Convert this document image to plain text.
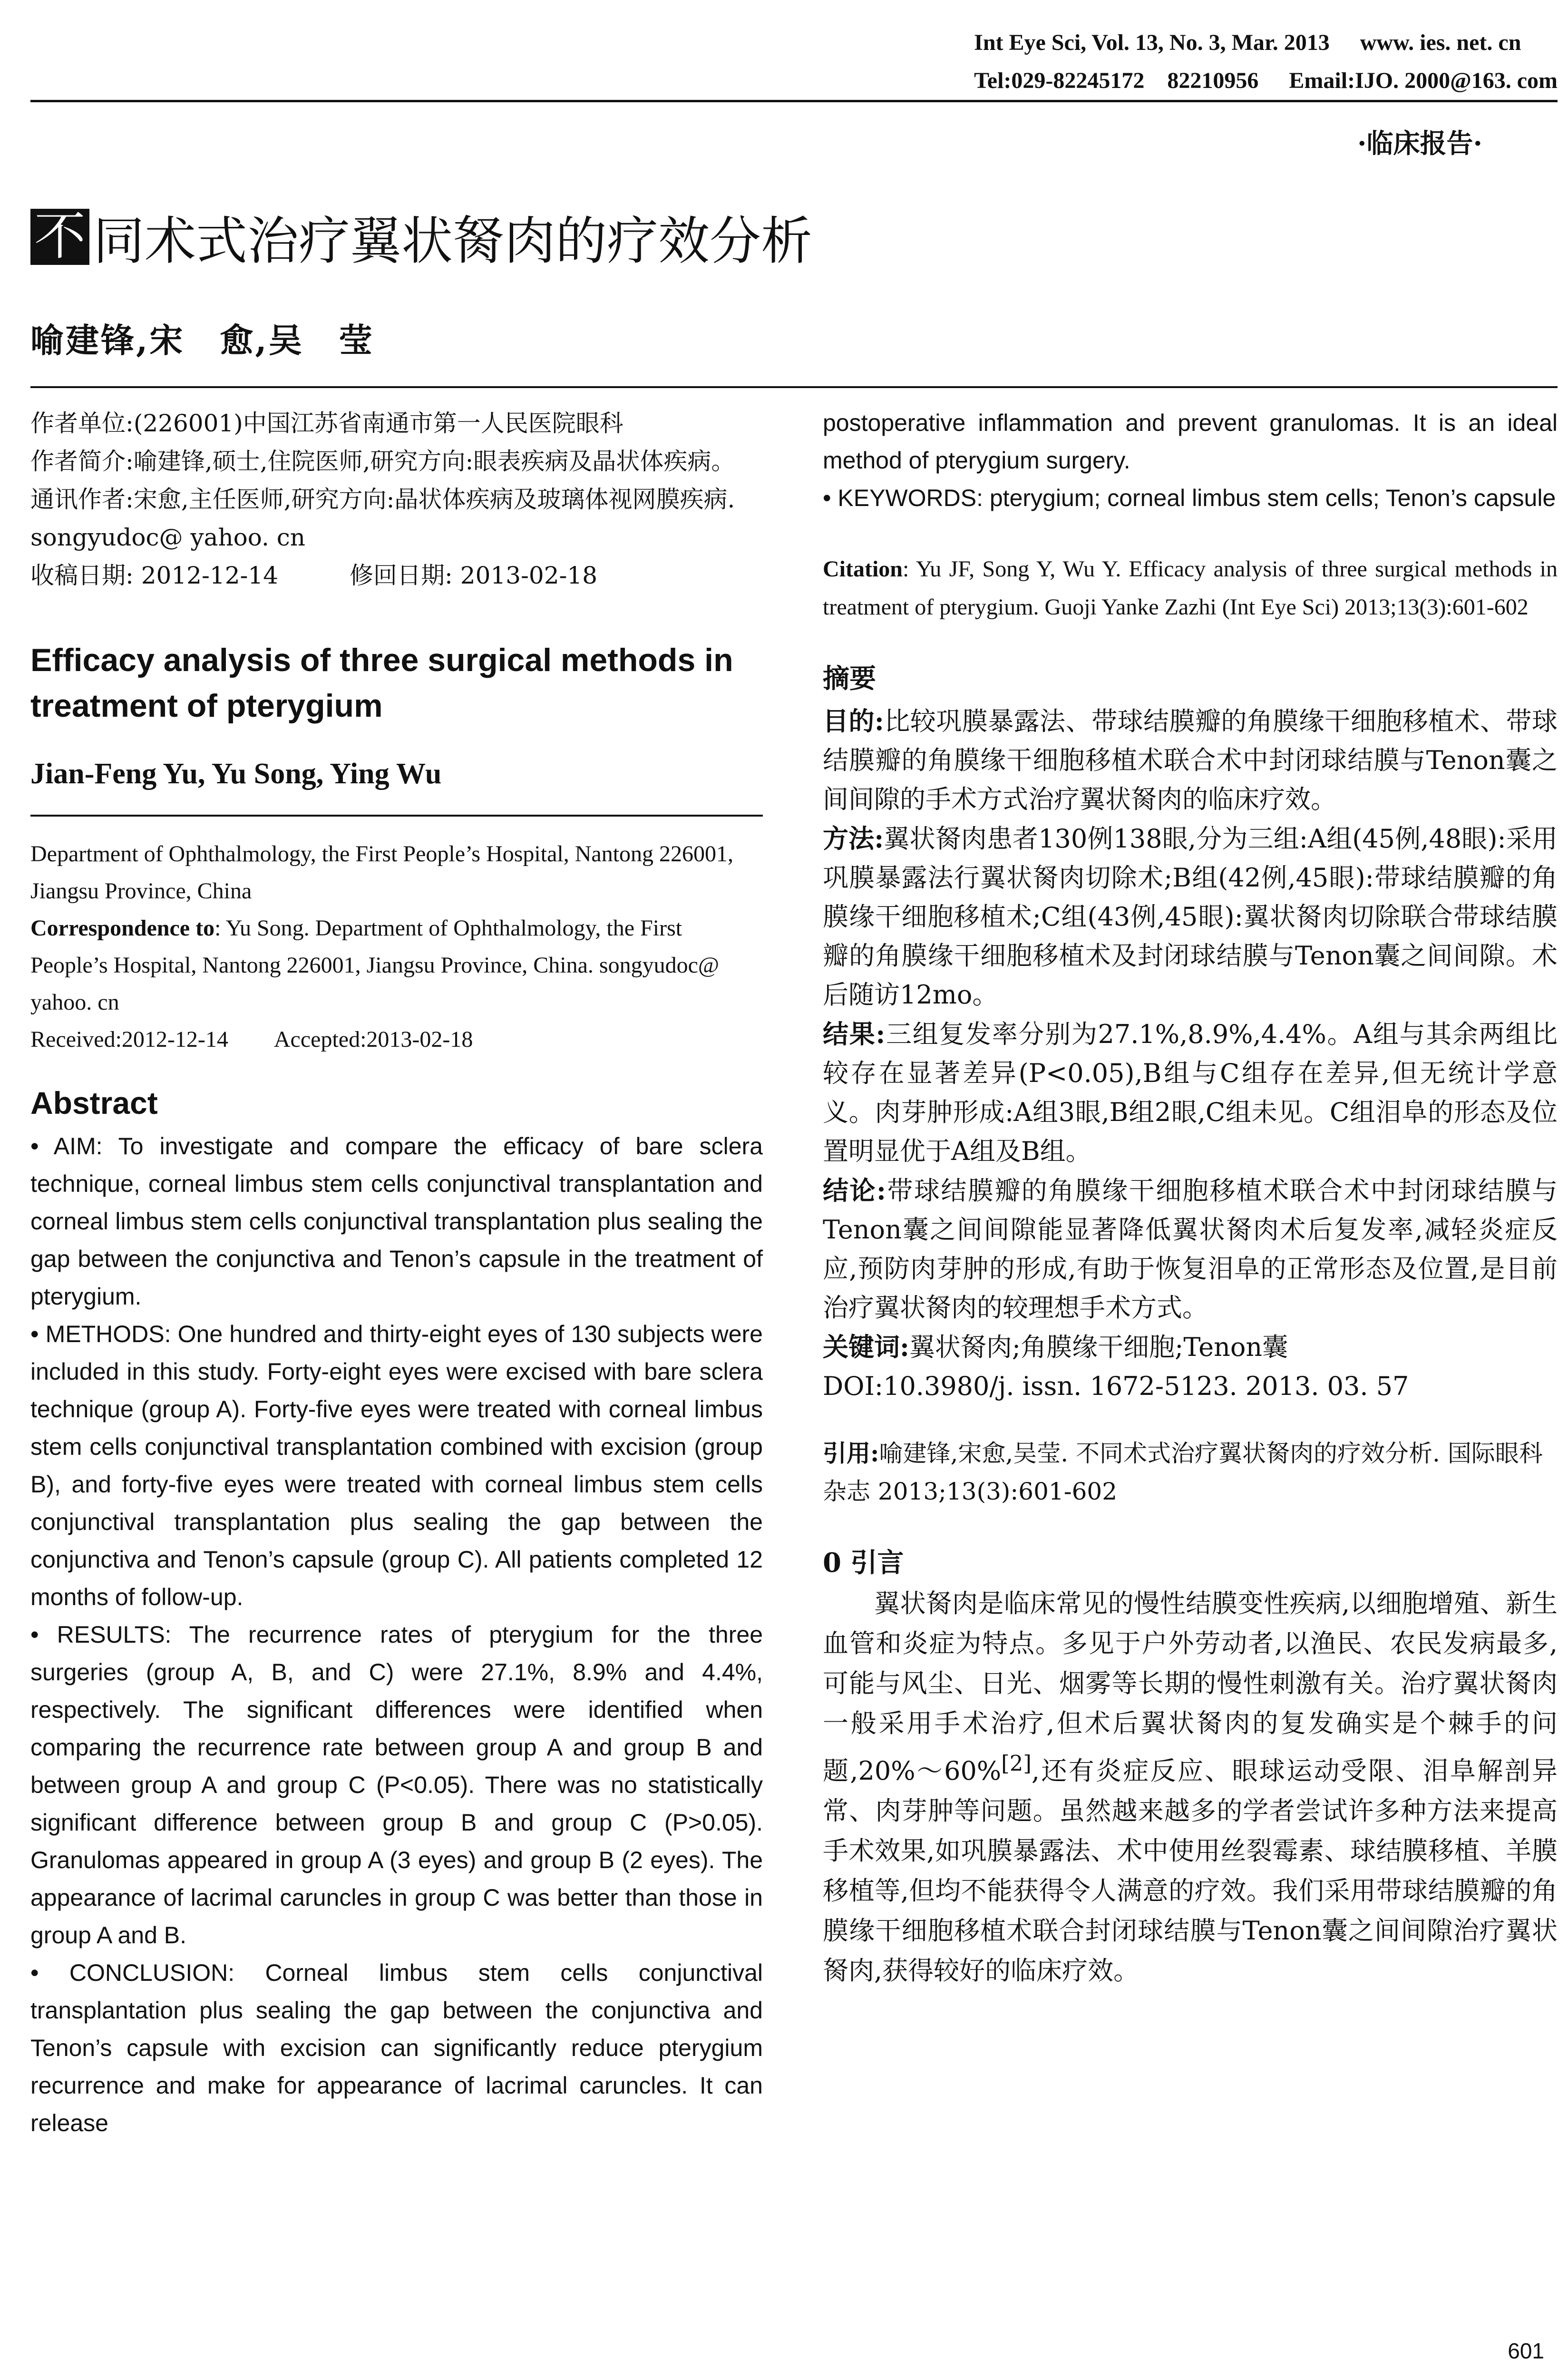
Int Eye Sci, Vol. 13, No. 3, Mar. 2013 www. ies. net. cn
Tel:029-82245172　82210956 Email:IJO. 2000@163. com
·临床报告·
不 同术式治疗翼状胬肉的疗效分析
喻建锋,宋　愈,吴　莹

作者单位:(226001)中国江苏省南通市第一人民医院眼科

作者简介:喻建锋,硕士,住院医师,研究方向:眼表疾病及晶状体疾病。

通讯作者:宋愈,主任医师,研究方向:晶状体疾病及玻璃体视网膜疾病. songyudoc@ yahoo. cn

收稿日期: 2012-12-14　　　修回日期: 2013-02-18

Efficacy analysis of three surgical methods in treatment of pterygium
Jian-Feng Yu, Yu Song, Ying Wu

Department of Ophthalmology, the First People’s Hospital, Nantong 226001, Jiangsu Province, China

Correspondence to: Yu Song. Department of Ophthalmology, the First People’s Hospital, Nantong 226001, Jiangsu Province, China. songyudoc@ yahoo. cn

Received:2012-12-14　　Accepted:2013-02-18

Abstract

• AIM: To investigate and compare the efficacy of bare sclera technique, corneal limbus stem cells conjunctival transplantation and corneal limbus stem cells conjunctival transplantation plus sealing the gap between the conjunctiva and Tenon’s capsule in the treatment of pterygium.

• METHODS: One hundred and thirty-eight eyes of 130 subjects were included in this study. Forty-eight eyes were excised with bare sclera technique (group A). Forty-five eyes were treated with corneal limbus stem cells conjunctival transplantation combined with excision (group B), and forty-five eyes were treated with corneal limbus stem cells conjunctival transplantation plus sealing the gap between the conjunctiva and Tenon’s capsule (group C). All patients completed 12 months of follow-up.

• RESULTS: The recurrence rates of pterygium for the three surgeries (group A, B, and C) were 27.1%, 8.9% and 4.4%, respectively. The significant differences were identified when comparing the recurrence rate between group A and group B and between group A and group C (P<0.05). There was no statistically significant difference between group B and group C (P>0.05). Granulomas appeared in group A (3 eyes) and group B (2 eyes). The appearance of lacrimal caruncles in group C was better than those in group A and B.

• CONCLUSION: Corneal limbus stem cells conjunctival transplantation plus sealing the gap between the conjunctiva and Tenon’s capsule with excision can significantly reduce pterygium recurrence and make for appearance of lacrimal caruncles. It can release

postoperative inflammation and prevent granulomas. It is an ideal method of pterygium surgery.

• KEYWORDS: pterygium; corneal limbus stem cells; Tenon’s capsule

Citation: Yu JF, Song Y, Wu Y. Efficacy analysis of three surgical methods in treatment of pterygium. Guoji Yanke Zazhi (Int Eye Sci) 2013;13(3):601-602

摘要

目的:比较巩膜暴露法、带球结膜瓣的角膜缘干细胞移植术、带球结膜瓣的角膜缘干细胞移植术联合术中封闭球结膜与Tenon囊之间间隙的手术方式治疗翼状胬肉的临床疗效。

方法:翼状胬肉患者130例138眼,分为三组:A组(45例,48眼):采用巩膜暴露法行翼状胬肉切除术;B组(42例,45眼):带球结膜瓣的角膜缘干细胞移植术;C组(43例,45眼):翼状胬肉切除联合带球结膜瓣的角膜缘干细胞移植术及封闭球结膜与Tenon囊之间间隙。术后随访12mo。

结果:三组复发率分别为27.1%,8.9%,4.4%。A组与其余两组比较存在显著差异(P<0.05),B组与C组存在差异,但无统计学意义。肉芽肿形成:A组3眼,B组2眼,C组未见。C组泪阜的形态及位置明显优于A组及B组。

结论:带球结膜瓣的角膜缘干细胞移植术联合术中封闭球结膜与Tenon囊之间间隙能显著降低翼状胬肉术后复发率,减轻炎症反应,预防肉芽肿的形成,有助于恢复泪阜的正常形态及位置,是目前治疗翼状胬肉的较理想手术方式。

关键词:翼状胬肉;角膜缘干细胞;Tenon囊

DOI:10.3980/j. issn. 1672-5123. 2013. 03. 57

引用:喻建锋,宋愈,吴莹. 不同术式治疗翼状胬肉的疗效分析. 国际眼科杂志 2013;13(3):601-602

0 引言

翼状胬肉是临床常见的慢性结膜变性疾病,以细胞增殖、新生血管和炎症为特点。多见于户外劳动者,以渔民、农民发病最多,可能与风尘、日光、烟雾等长期的慢性刺激有关。治疗翼状胬肉一般采用手术治疗,但术后翼状胬肉的复发确实是个棘手的问题,20%～60%[2],还有炎症反应、眼球运动受限、泪阜解剖异常、肉芽肿等问题。虽然越来越多的学者尝试许多种方法来提高手术效果,如巩膜暴露法、术中使用丝裂霉素、球结膜移植、羊膜移植等,但均不能获得令人满意的疗效。我们采用带球结膜瓣的角膜缘干细胞移植术联合封闭球结膜与Tenon囊之间间隙治疗翼状胬肉,获得较好的临床疗效。

601
